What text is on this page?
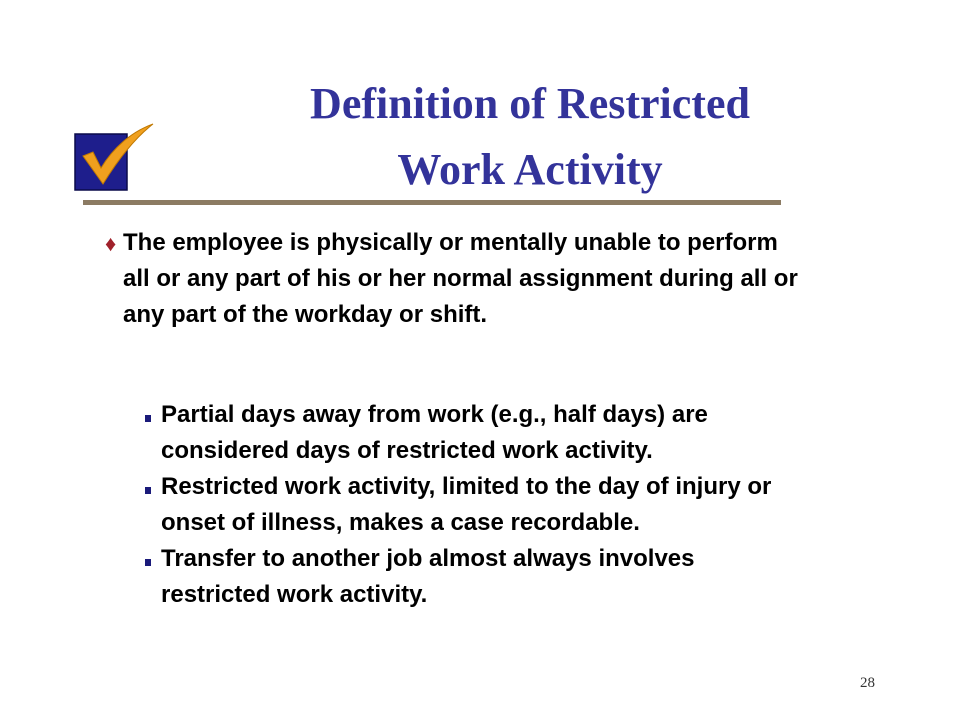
Definition of Restricted
Work Activity
♦ The employee is physically or mentally unable to perform all or any part of his or her normal assignment during all or any part of the workday or shift.
Partial days away from work (e.g., half days) are considered days of restricted work activity.
Restricted work activity, limited to the day of injury or onset of illness, makes a case recordable.
Transfer to another job almost always involves restricted work activity.
28
